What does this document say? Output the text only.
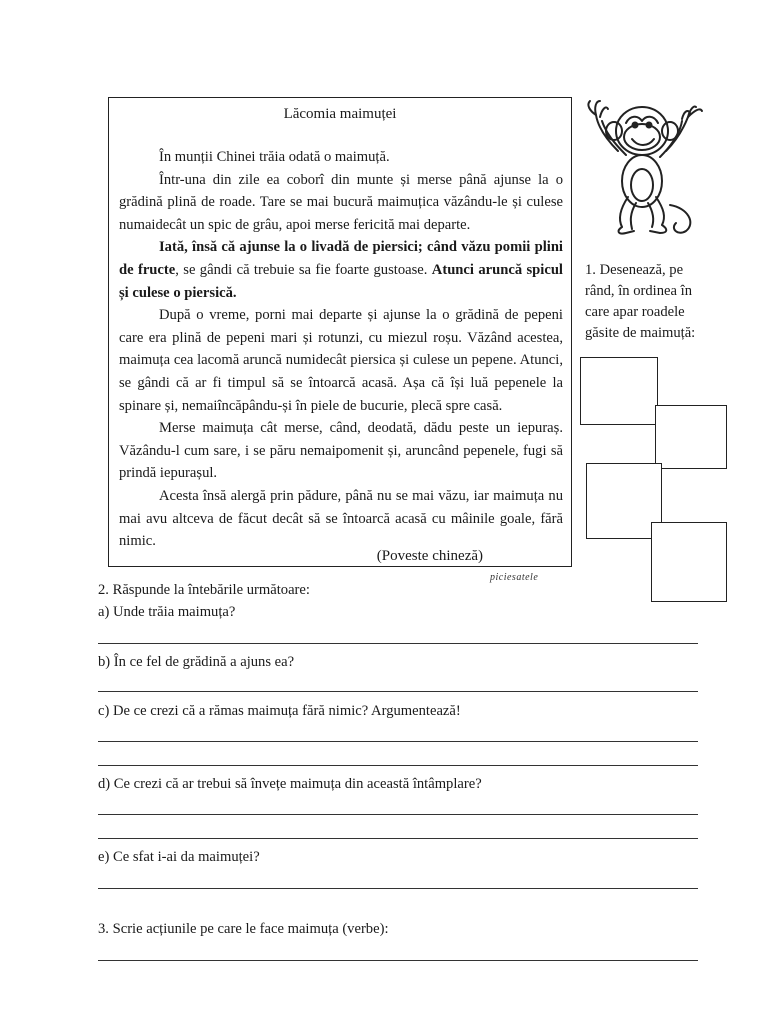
Lăcomia maimuței

În munții Chinei trăia odată o maimuță.

Într-una din zile ea coborî din munte și merse până ajunse la o grădină plină de roade. Tare se mai bucură maimuțica văzându-le și culese numaidecât un spic de grâu, apoi merse fericită mai departe.

Iată, însă că ajunse la o livadă de piersici; când văzu pomii plini de fructe, se gândi că trebuie sa fie foarte gustoase. Atunci aruncă spicul și culese o piersică.

După o vreme, porni mai departe și ajunse la o grădină de pepeni care era plină de pepeni mari și rotunzi, cu miezul roșu. Văzând acestea, maimuța cea lacomă aruncă numidecât piersica și culese un pepene. Atunci, se gândi că ar fi timpul să se întoarcă acasă. Așa că își luă pepenele la spinare și, nemaiîncăpându-și în piele de bucurie, plecă spre casă.

Merse maimuța cât merse, când, deodată, dădu peste un iepuraș. Văzându-l cum sare, i se păru nemaipomenit și, aruncând pepenele, fugi să prindă iepurașul.

Acesta însă alergă prin pădure, până nu se mai văzu, iar maimuța nu mai avu altceva de făcut decât să se întoarcă acasă cu mâinile goale, fără nimic.

(Poveste chineză)
piciesatele
1. Desenează, pe rând, în ordinea în care apar roadele găsite de maimuță:
2. Răspunde la întebările următoare:
a) Unde trăia maimuța?
b) În ce fel de grădină a ajuns ea?
c) De ce crezi că a rămas maimuța fără nimic? Argumentează!
d) Ce crezi că ar trebui să învețe maimuța din această întâmplare?
e) Ce sfat i-ai da maimuței?
3. Scrie acțiunile pe care le face maimuța (verbe):
